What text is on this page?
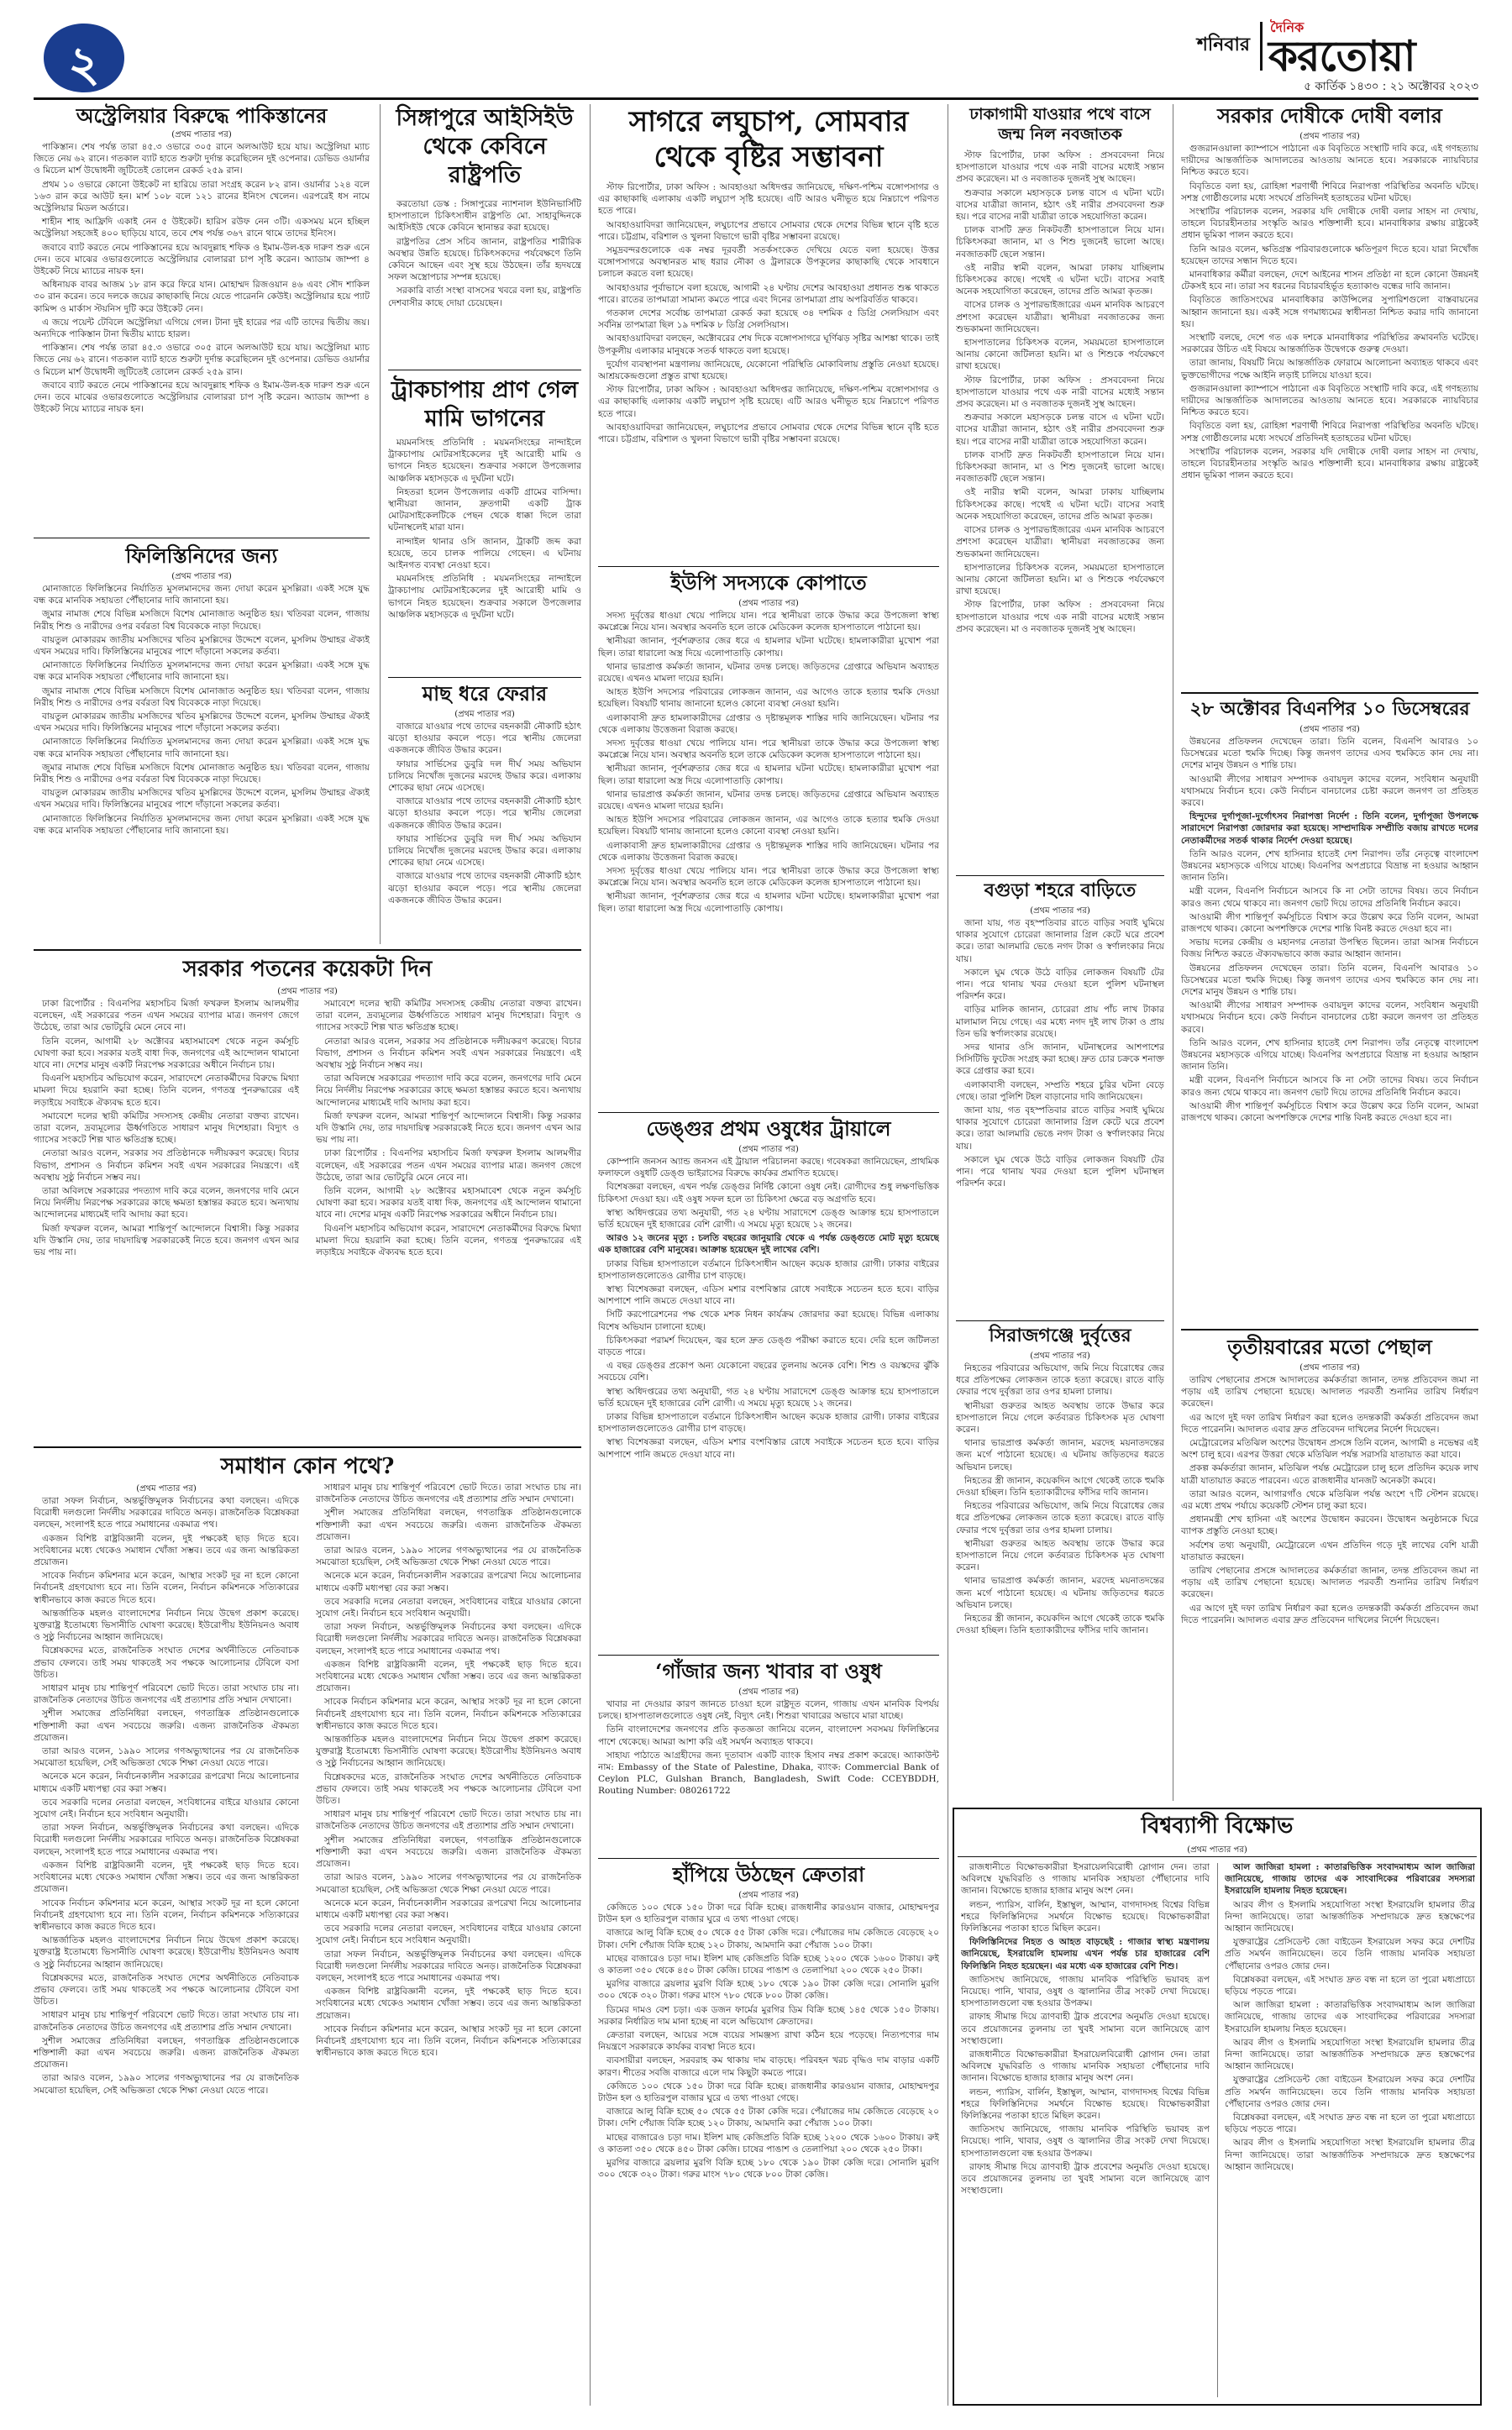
২	শনিবার
দৈনিক
করতোয়া
৫ কার্তিক ১৪৩০ : ২১ অক্টোবর ২০২৩
অস্ট্রেলিয়ার বিরুদ্ধে পাকিস্তানের
(প্রথম পাতার পর)

পাকিস্তান। শেষ পর্যন্ত তারা ৪৫.৩ ওভারে ৩০৫ রানে অলআউট হয়ে যায়। অস্ট্রেলিয়া ম্যাচ জিতে নেয় ৬২ রানে। গতকাল ব্যাট হাতে শুরুটা দুর্দান্ত করেছিলেন দুই ওপেনার। ডেভিড ওয়ার্নার ও মিচেল মার্শ উদ্বোধনী জুটিতেই তোলেন রেকর্ড ২৫৯ রান।

প্রথম ১০ ওভারে কোনো উইকেট না হারিয়ে তারা সংগ্রহ করেন ৮২ রান। ওয়ার্নার ১২৪ বলে ১৬৩ রান করে আউট হন। মার্শ ১০৮ বলে ১২১ রানের ইনিংস খেলেন। এরপরেই ধস নামে অস্ট্রেলিয়ার মিডল অর্ডারে।

শাহীন শাহ আফ্রিদি একাই নেন ৫ উইকেট। হারিস রউফ নেন ৩টি। একসময় মনে হচ্ছিল অস্ট্রেলিয়া সহজেই ৪০০ ছাড়িয়ে যাবে, তবে শেষ পর্যন্ত ৩৬৭ রানে থামে তাদের ইনিংস।

জবাবে ব্যাট করতে নেমে পাকিস্তানের হয়ে আবদুল্লাহ শফিক ও ইমাম-উল-হক দারুণ শুরু এনে দেন। তবে মাঝের ওভারগুলোতে অস্ট্রেলিয়ার বোলাররা চাপ সৃষ্টি করেন। অ্যাডাম জাম্পা ৪ উইকেট নিয়ে ম্যাচের নায়ক হন।

অধিনায়ক বাবর আজম ১৮ রান করে ফিরে যান। মোহাম্মদ রিজওয়ান ৪৬ এবং সৌদ শাকিল ৩০ রান করেন। তবে দলকে জয়ের কাছাকাছি নিয়ে যেতে পারেননি কেউই। অস্ট্রেলিয়ার হয়ে প্যাট কামিন্স ও মার্কাস স্টয়নিস দুটি করে উইকেট নেন।

এ জয়ে পয়েন্ট টেবিলে অস্ট্রেলিয়া এগিয়ে গেল। টানা দুই হারের পর এটি তাদের দ্বিতীয় জয়। অন্যদিকে পাকিস্তান টানা দ্বিতীয় ম্যাচে হারল।

পাকিস্তান। শেষ পর্যন্ত তারা ৪৫.৩ ওভারে ৩০৫ রানে অলআউট হয়ে যায়। অস্ট্রেলিয়া ম্যাচ জিতে নেয় ৬২ রানে। গতকাল ব্যাট হাতে শুরুটা দুর্দান্ত করেছিলেন দুই ওপেনার। ডেভিড ওয়ার্নার ও মিচেল মার্শ উদ্বোধনী জুটিতেই তোলেন রেকর্ড ২৫৯ রান।

জবাবে ব্যাট করতে নেমে পাকিস্তানের হয়ে আবদুল্লাহ শফিক ও ইমাম-উল-হক দারুণ শুরু এনে দেন। তবে মাঝের ওভারগুলোতে অস্ট্রেলিয়ার বোলাররা চাপ সৃষ্টি করেন। অ্যাডাম জাম্পা ৪ উইকেট নিয়ে ম্যাচের নায়ক হন।

ফিলিস্তিনিদের জন্য
(প্রথম পাতার পর)

মোনাজাতে ফিলিস্তিনের নির্যাতিত মুসলমানদের জন্য দোয়া করেন মুসল্লিরা। একই সঙ্গে যুদ্ধ বন্ধ করে মানবিক সহায়তা পৌঁছানোর দাবি জানানো হয়।

জুমার নামাজ শেষে বিভিন্ন মসজিদে বিশেষ মোনাজাত অনুষ্ঠিত হয়। খতিবরা বলেন, গাজায় নিরীহ শিশু ও নারীদের ওপর বর্বরতা বিশ্ব বিবেককে নাড়া দিয়েছে।

বায়তুল মোকাররম জাতীয় মসজিদের খতিব মুসল্লিদের উদ্দেশে বলেন, মুসলিম উম্মাহর ঐক্যই এখন সময়ের দাবি। ফিলিস্তিনের মানুষের পাশে দাঁড়ানো সকলের কর্তব্য।

মোনাজাতে ফিলিস্তিনের নির্যাতিত মুসলমানদের জন্য দোয়া করেন মুসল্লিরা। একই সঙ্গে যুদ্ধ বন্ধ করে মানবিক সহায়তা পৌঁছানোর দাবি জানানো হয়।

জুমার নামাজ শেষে বিভিন্ন মসজিদে বিশেষ মোনাজাত অনুষ্ঠিত হয়। খতিবরা বলেন, গাজায় নিরীহ শিশু ও নারীদের ওপর বর্বরতা বিশ্ব বিবেককে নাড়া দিয়েছে।

বায়তুল মোকাররম জাতীয় মসজিদের খতিব মুসল্লিদের উদ্দেশে বলেন, মুসলিম উম্মাহর ঐক্যই এখন সময়ের দাবি। ফিলিস্তিনের মানুষের পাশে দাঁড়ানো সকলের কর্তব্য।

মোনাজাতে ফিলিস্তিনের নির্যাতিত মুসলমানদের জন্য দোয়া করেন মুসল্লিরা। একই সঙ্গে যুদ্ধ বন্ধ করে মানবিক সহায়তা পৌঁছানোর দাবি জানানো হয়।

জুমার নামাজ শেষে বিভিন্ন মসজিদে বিশেষ মোনাজাত অনুষ্ঠিত হয়। খতিবরা বলেন, গাজায় নিরীহ শিশু ও নারীদের ওপর বর্বরতা বিশ্ব বিবেককে নাড়া দিয়েছে।

বায়তুল মোকাররম জাতীয় মসজিদের খতিব মুসল্লিদের উদ্দেশে বলেন, মুসলিম উম্মাহর ঐক্যই এখন সময়ের দাবি। ফিলিস্তিনের মানুষের পাশে দাঁড়ানো সকলের কর্তব্য।

মোনাজাতে ফিলিস্তিনের নির্যাতিত মুসলমানদের জন্য দোয়া করেন মুসল্লিরা। একই সঙ্গে যুদ্ধ বন্ধ করে মানবিক সহায়তা পৌঁছানোর দাবি জানানো হয়।

সিঙ্গাপুরে আইসিইউ থেকে কেবিনে রাষ্ট্রপতি

করতোয়া ডেস্ক : সিঙ্গাপুরের ন্যাশনাল ইউনিভার্সিটি হাসপাতালে চিকিৎসাধীন রাষ্ট্রপতি মো. সাহাবুদ্দিনকে আইসিইউ থেকে কেবিনে স্থানান্তর করা হয়েছে।

রাষ্ট্রপতির প্রেস সচিব জানান, রাষ্ট্রপতির শারীরিক অবস্থার উন্নতি হয়েছে। চিকিৎসকদের পর্যবেক্ষণে তিনি কেবিনে আছেন এবং সুস্থ হয়ে উঠছেন। তাঁর হৃদযন্ত্রে সফল অস্ত্রোপচার সম্পন্ন হয়েছে।

সরকারি বার্তা সংস্থা বাসসের খবরে বলা হয়, রাষ্ট্রপতি দেশবাসীর কাছে দোয়া চেয়েছেন।

ট্রাকচাপায় প্রাণ গেল মামি ভাগনের

ময়মনসিংহ প্রতিনিধি : ময়মনসিংহের নান্দাইলে ট্রাকচাপায় মোটরসাইকেলের দুই আরোহী মামি ও ভাগনে নিহত হয়েছেন। শুক্রবার সকালে উপজেলার আঞ্চলিক মহাসড়কে এ দুর্ঘটনা ঘটে।

নিহতরা হলেন উপজেলার একটি গ্রামের বাসিন্দা। স্থানীয়রা জানান, দ্রুতগামী একটি ট্রাক মোটরসাইকেলটিকে পেছন থেকে ধাক্কা দিলে তারা ঘটনাস্থলেই মারা যান।

নান্দাইল থানার ওসি জানান, ট্রাকটি জব্দ করা হয়েছে, তবে চালক পালিয়ে গেছেন। এ ঘটনায় আইনগত ব্যবস্থা নেওয়া হবে।

ময়মনসিংহ প্রতিনিধি : ময়মনসিংহের নান্দাইলে ট্রাকচাপায় মোটরসাইকেলের দুই আরোহী মামি ও ভাগনে নিহত হয়েছেন। শুক্রবার সকালে উপজেলার আঞ্চলিক মহাসড়কে এ দুর্ঘটনা ঘটে।

মাছ ধরে ফেরার
(প্রথম পাতার পর)

বাজারে যাওয়ার পথে তাদের বহনকারী নৌকাটি হঠাৎ ঝড়ো হাওয়ার কবলে পড়ে। পরে স্থানীয় জেলেরা একজনকে জীবিত উদ্ধার করেন।

ফায়ার সার্ভিসের ডুবুরি দল দীর্ঘ সময় অভিযান চালিয়ে নিখোঁজ দুজনের মরদেহ উদ্ধার করে। এলাকায় শোকের ছায়া নেমে এসেছে।

বাজারে যাওয়ার পথে তাদের বহনকারী নৌকাটি হঠাৎ ঝড়ো হাওয়ার কবলে পড়ে। পরে স্থানীয় জেলেরা একজনকে জীবিত উদ্ধার করেন।

ফায়ার সার্ভিসের ডুবুরি দল দীর্ঘ সময় অভিযান চালিয়ে নিখোঁজ দুজনের মরদেহ উদ্ধার করে। এলাকায় শোকের ছায়া নেমে এসেছে।

বাজারে যাওয়ার পথে তাদের বহনকারী নৌকাটি হঠাৎ ঝড়ো হাওয়ার কবলে পড়ে। পরে স্থানীয় জেলেরা একজনকে জীবিত উদ্ধার করেন।

সরকার পতনের কয়েকটা দিন
(প্রথম পাতার পর)

ঢাকা রিপোর্টার : বিএনপির মহাসচিব মির্জা ফখরুল ইসলাম আলমগীর বলেছেন, এই সরকারের পতন এখন সময়ের ব্যাপার মাত্র। জনগণ জেগে উঠেছে, তারা আর ভোটচুরি মেনে নেবে না।

তিনি বলেন, আগামী ২৮ অক্টোবর মহাসমাবেশ থেকে নতুন কর্মসূচি ঘোষণা করা হবে। সরকার যতই বাধা দিক, জনগণের এই আন্দোলন থামানো যাবে না। দেশের মানুষ একটি নিরপেক্ষ সরকারের অধীনে নির্বাচন চায়।

বিএনপি মহাসচিব অভিযোগ করেন, সারাদেশে নেতাকর্মীদের বিরুদ্ধে মিথ্যা মামলা দিয়ে হয়রানি করা হচ্ছে। তিনি বলেন, গণতন্ত্র পুনরুদ্ধারের এই লড়াইয়ে সবাইকে ঐক্যবদ্ধ হতে হবে।

সমাবেশে দলের স্থায়ী কমিটির সদস্যসহ কেন্দ্রীয় নেতারা বক্তব্য রাখেন। তারা বলেন, দ্রব্যমূল্যের ঊর্ধ্বগতিতে সাধারণ মানুষ দিশেহারা। বিদ্যুৎ ও গ্যাসের সংকটে শিল্প খাত ক্ষতিগ্রস্ত হচ্ছে।

নেতারা আরও বলেন, সরকার সব প্রতিষ্ঠানকে দলীয়করণ করেছে। বিচার বিভাগ, প্রশাসন ও নির্বাচন কমিশন সবই এখন সরকারের নিয়ন্ত্রণে। এই অবস্থায় সুষ্ঠু নির্বাচন সম্ভব নয়।

তারা অবিলম্বে সরকারের পদত্যাগ দাবি করে বলেন, জনগণের দাবি মেনে নিয়ে নির্দলীয় নিরপেক্ষ সরকারের কাছে ক্ষমতা হস্তান্তর করতে হবে। অন্যথায় আন্দোলনের মাধ্যমেই দাবি আদায় করা হবে।

মির্জা ফখরুল বলেন, আমরা শান্তিপূর্ণ আন্দোলনে বিশ্বাসী। কিন্তু সরকার যদি উস্কানি দেয়, তার দায়দায়িত্ব সরকারকেই নিতে হবে। জনগণ এখন আর ভয় পায় না।

সমাবেশে দলের স্থায়ী কমিটির সদস্যসহ কেন্দ্রীয় নেতারা বক্তব্য রাখেন। তারা বলেন, দ্রব্যমূল্যের ঊর্ধ্বগতিতে সাধারণ মানুষ দিশেহারা। বিদ্যুৎ ও গ্যাসের সংকটে শিল্প খাত ক্ষতিগ্রস্ত হচ্ছে।

নেতারা আরও বলেন, সরকার সব প্রতিষ্ঠানকে দলীয়করণ করেছে। বিচার বিভাগ, প্রশাসন ও নির্বাচন কমিশন সবই এখন সরকারের নিয়ন্ত্রণে। এই অবস্থায় সুষ্ঠু নির্বাচন সম্ভব নয়।

তারা অবিলম্বে সরকারের পদত্যাগ দাবি করে বলেন, জনগণের দাবি মেনে নিয়ে নির্দলীয় নিরপেক্ষ সরকারের কাছে ক্ষমতা হস্তান্তর করতে হবে। অন্যথায় আন্দোলনের মাধ্যমেই দাবি আদায় করা হবে।

মির্জা ফখরুল বলেন, আমরা শান্তিপূর্ণ আন্দোলনে বিশ্বাসী। কিন্তু সরকার যদি উস্কানি দেয়, তার দায়দায়িত্ব সরকারকেই নিতে হবে। জনগণ এখন আর ভয় পায় না।

ঢাকা রিপোর্টার : বিএনপির মহাসচিব মির্জা ফখরুল ইসলাম আলমগীর বলেছেন, এই সরকারের পতন এখন সময়ের ব্যাপার মাত্র। জনগণ জেগে উঠেছে, তারা আর ভোটচুরি মেনে নেবে না।

তিনি বলেন, আগামী ২৮ অক্টোবর মহাসমাবেশ থেকে নতুন কর্মসূচি ঘোষণা করা হবে। সরকার যতই বাধা দিক, জনগণের এই আন্দোলন থামানো যাবে না। দেশের মানুষ একটি নিরপেক্ষ সরকারের অধীনে নির্বাচন চায়।

বিএনপি মহাসচিব অভিযোগ করেন, সারাদেশে নেতাকর্মীদের বিরুদ্ধে মিথ্যা মামলা দিয়ে হয়রানি করা হচ্ছে। তিনি বলেন, গণতন্ত্র পুনরুদ্ধারের এই লড়াইয়ে সবাইকে ঐক্যবদ্ধ হতে হবে।

সমাধান কোন পথে?
(প্রথম পাতার পর)

তারা সফল নির্বাচন, অন্তর্ভুক্তিমূলক নির্বাচনের কথা বলছেন। এদিকে বিরোধী দলগুলো নির্দলীয় সরকারের দাবিতে অনড়। রাজনৈতিক বিশ্লেষকরা বলছেন, সংলাপই হতে পারে সমাধানের একমাত্র পথ।

একজন বিশিষ্ট রাষ্ট্রবিজ্ঞানী বলেন, দুই পক্ষকেই ছাড় দিতে হবে। সংবিধানের মধ্যে থেকেও সমাধান খোঁজা সম্ভব। তবে এর জন্য আন্তরিকতা প্রয়োজন।

সাবেক নির্বাচন কমিশনার মনে করেন, আস্থার সংকট দূর না হলে কোনো নির্বাচনই গ্রহণযোগ্য হবে না। তিনি বলেন, নির্বাচন কমিশনকে সত্যিকারের স্বাধীনভাবে কাজ করতে দিতে হবে।

আন্তর্জাতিক মহলও বাংলাদেশের নির্বাচন নিয়ে উদ্বেগ প্রকাশ করেছে। যুক্তরাষ্ট্র ইতোমধ্যে ভিসানীতি ঘোষণা করেছে। ইউরোপীয় ইউনিয়নও অবাধ ও সুষ্ঠু নির্বাচনের আহ্বান জানিয়েছে।

বিশ্লেষকদের মতে, রাজনৈতিক সংঘাত দেশের অর্থনীতিতে নেতিবাচক প্রভাব ফেলবে। তাই সময় থাকতেই সব পক্ষকে আলোচনার টেবিলে বসা উচিত।

সাধারণ মানুষ চায় শান্তিপূর্ণ পরিবেশে ভোট দিতে। তারা সংঘাত চায় না। রাজনৈতিক নেতাদের উচিত জনগণের এই প্রত্যাশার প্রতি সম্মান দেখানো।

সুশীল সমাজের প্রতিনিধিরা বলছেন, গণতান্ত্রিক প্রতিষ্ঠানগুলোকে শক্তিশালী করা এখন সবচেয়ে জরুরি। এজন্য রাজনৈতিক ঐকমত্য প্রয়োজন।

তারা আরও বলেন, ১৯৯০ সালের গণঅভ্যুত্থানের পর যে রাজনৈতিক সমঝোতা হয়েছিল, সেই অভিজ্ঞতা থেকে শিক্ষা নেওয়া যেতে পারে।

অনেকে মনে করেন, নির্বাচনকালীন সরকারের রূপরেখা নিয়ে আলোচনার মাধ্যমে একটি মধ্যপন্থা বের করা সম্ভব।

তবে সরকারি দলের নেতারা বলছেন, সংবিধানের বাইরে যাওয়ার কোনো সুযোগ নেই। নির্বাচন হবে সংবিধান অনুযায়ী।

তারা সফল নির্বাচন, অন্তর্ভুক্তিমূলক নির্বাচনের কথা বলছেন। এদিকে বিরোধী দলগুলো নির্দলীয় সরকারের দাবিতে অনড়। রাজনৈতিক বিশ্লেষকরা বলছেন, সংলাপই হতে পারে সমাধানের একমাত্র পথ।

একজন বিশিষ্ট রাষ্ট্রবিজ্ঞানী বলেন, দুই পক্ষকেই ছাড় দিতে হবে। সংবিধানের মধ্যে থেকেও সমাধান খোঁজা সম্ভব। তবে এর জন্য আন্তরিকতা প্রয়োজন।

সাবেক নির্বাচন কমিশনার মনে করেন, আস্থার সংকট দূর না হলে কোনো নির্বাচনই গ্রহণযোগ্য হবে না। তিনি বলেন, নির্বাচন কমিশনকে সত্যিকারের স্বাধীনভাবে কাজ করতে দিতে হবে।

আন্তর্জাতিক মহলও বাংলাদেশের নির্বাচন নিয়ে উদ্বেগ প্রকাশ করেছে। যুক্তরাষ্ট্র ইতোমধ্যে ভিসানীতি ঘোষণা করেছে। ইউরোপীয় ইউনিয়নও অবাধ ও সুষ্ঠু নির্বাচনের আহ্বান জানিয়েছে।

বিশ্লেষকদের মতে, রাজনৈতিক সংঘাত দেশের অর্থনীতিতে নেতিবাচক প্রভাব ফেলবে। তাই সময় থাকতেই সব পক্ষকে আলোচনার টেবিলে বসা উচিত।

সাধারণ মানুষ চায় শান্তিপূর্ণ পরিবেশে ভোট দিতে। তারা সংঘাত চায় না। রাজনৈতিক নেতাদের উচিত জনগণের এই প্রত্যাশার প্রতি সম্মান দেখানো।

সুশীল সমাজের প্রতিনিধিরা বলছেন, গণতান্ত্রিক প্রতিষ্ঠানগুলোকে শক্তিশালী করা এখন সবচেয়ে জরুরি। এজন্য রাজনৈতিক ঐকমত্য প্রয়োজন।

তারা আরও বলেন, ১৯৯০ সালের গণঅভ্যুত্থানের পর যে রাজনৈতিক সমঝোতা হয়েছিল, সেই অভিজ্ঞতা থেকে শিক্ষা নেওয়া যেতে পারে।

সাধারণ মানুষ চায় শান্তিপূর্ণ পরিবেশে ভোট দিতে। তারা সংঘাত চায় না। রাজনৈতিক নেতাদের উচিত জনগণের এই প্রত্যাশার প্রতি সম্মান দেখানো।

সুশীল সমাজের প্রতিনিধিরা বলছেন, গণতান্ত্রিক প্রতিষ্ঠানগুলোকে শক্তিশালী করা এখন সবচেয়ে জরুরি। এজন্য রাজনৈতিক ঐকমত্য প্রয়োজন।

তারা আরও বলেন, ১৯৯০ সালের গণঅভ্যুত্থানের পর যে রাজনৈতিক সমঝোতা হয়েছিল, সেই অভিজ্ঞতা থেকে শিক্ষা নেওয়া যেতে পারে।

অনেকে মনে করেন, নির্বাচনকালীন সরকারের রূপরেখা নিয়ে আলোচনার মাধ্যমে একটি মধ্যপন্থা বের করা সম্ভব।

তবে সরকারি দলের নেতারা বলছেন, সংবিধানের বাইরে যাওয়ার কোনো সুযোগ নেই। নির্বাচন হবে সংবিধান অনুযায়ী।

তারা সফল নির্বাচন, অন্তর্ভুক্তিমূলক নির্বাচনের কথা বলছেন। এদিকে বিরোধী দলগুলো নির্দলীয় সরকারের দাবিতে অনড়। রাজনৈতিক বিশ্লেষকরা বলছেন, সংলাপই হতে পারে সমাধানের একমাত্র পথ।

একজন বিশিষ্ট রাষ্ট্রবিজ্ঞানী বলেন, দুই পক্ষকেই ছাড় দিতে হবে। সংবিধানের মধ্যে থেকেও সমাধান খোঁজা সম্ভব। তবে এর জন্য আন্তরিকতা প্রয়োজন।

সাবেক নির্বাচন কমিশনার মনে করেন, আস্থার সংকট দূর না হলে কোনো নির্বাচনই গ্রহণযোগ্য হবে না। তিনি বলেন, নির্বাচন কমিশনকে সত্যিকারের স্বাধীনভাবে কাজ করতে দিতে হবে।

আন্তর্জাতিক মহলও বাংলাদেশের নির্বাচন নিয়ে উদ্বেগ প্রকাশ করেছে। যুক্তরাষ্ট্র ইতোমধ্যে ভিসানীতি ঘোষণা করেছে। ইউরোপীয় ইউনিয়নও অবাধ ও সুষ্ঠু নির্বাচনের আহ্বান জানিয়েছে।

বিশ্লেষকদের মতে, রাজনৈতিক সংঘাত দেশের অর্থনীতিতে নেতিবাচক প্রভাব ফেলবে। তাই সময় থাকতেই সব পক্ষকে আলোচনার টেবিলে বসা উচিত।

সাধারণ মানুষ চায় শান্তিপূর্ণ পরিবেশে ভোট দিতে। তারা সংঘাত চায় না। রাজনৈতিক নেতাদের উচিত জনগণের এই প্রত্যাশার প্রতি সম্মান দেখানো।

সুশীল সমাজের প্রতিনিধিরা বলছেন, গণতান্ত্রিক প্রতিষ্ঠানগুলোকে শক্তিশালী করা এখন সবচেয়ে জরুরি। এজন্য রাজনৈতিক ঐকমত্য প্রয়োজন।

তারা আরও বলেন, ১৯৯০ সালের গণঅভ্যুত্থানের পর যে রাজনৈতিক সমঝোতা হয়েছিল, সেই অভিজ্ঞতা থেকে শিক্ষা নেওয়া যেতে পারে।

অনেকে মনে করেন, নির্বাচনকালীন সরকারের রূপরেখা নিয়ে আলোচনার মাধ্যমে একটি মধ্যপন্থা বের করা সম্ভব।

তবে সরকারি দলের নেতারা বলছেন, সংবিধানের বাইরে যাওয়ার কোনো সুযোগ নেই। নির্বাচন হবে সংবিধান অনুযায়ী।

তারা সফল নির্বাচন, অন্তর্ভুক্তিমূলক নির্বাচনের কথা বলছেন। এদিকে বিরোধী দলগুলো নির্দলীয় সরকারের দাবিতে অনড়। রাজনৈতিক বিশ্লেষকরা বলছেন, সংলাপই হতে পারে সমাধানের একমাত্র পথ।

একজন বিশিষ্ট রাষ্ট্রবিজ্ঞানী বলেন, দুই পক্ষকেই ছাড় দিতে হবে। সংবিধানের মধ্যে থেকেও সমাধান খোঁজা সম্ভব। তবে এর জন্য আন্তরিকতা প্রয়োজন।

সাবেক নির্বাচন কমিশনার মনে করেন, আস্থার সংকট দূর না হলে কোনো নির্বাচনই গ্রহণযোগ্য হবে না। তিনি বলেন, নির্বাচন কমিশনকে সত্যিকারের স্বাধীনভাবে কাজ করতে দিতে হবে।

সাগরে লঘুচাপ, সোমবার থেকে বৃষ্টির সম্ভাবনা

স্টাফ রিপোর্টার, ঢাকা অফিস : আবহাওয়া অধিদপ্তর জানিয়েছে, দক্ষিণ-পশ্চিম বঙ্গোপসাগর ও এর কাছাকাছি এলাকায় একটি লঘুচাপ সৃষ্টি হয়েছে। এটি আরও ঘনীভূত হয়ে নিম্নচাপে পরিণত হতে পারে।

আবহাওয়াবিদরা জানিয়েছেন, লঘুচাপের প্রভাবে সোমবার থেকে দেশের বিভিন্ন স্থানে বৃষ্টি হতে পারে। চট্টগ্রাম, বরিশাল ও খুলনা বিভাগে ভারী বৃষ্টির সম্ভাবনা রয়েছে।

সমুদ্রবন্দরগুলোকে এক নম্বর দূরবর্তী সতর্কসংকেত দেখিয়ে যেতে বলা হয়েছে। উত্তর বঙ্গোপসাগরে অবস্থানরত মাছ ধরার নৌকা ও ট্রলারকে উপকূলের কাছাকাছি থেকে সাবধানে চলাচল করতে বলা হয়েছে।

আবহাওয়ার পূর্বাভাসে বলা হয়েছে, আগামী ২৪ ঘণ্টায় দেশের আবহাওয়া প্রধানত শুষ্ক থাকতে পারে। রাতের তাপমাত্রা সামান্য কমতে পারে এবং দিনের তাপমাত্রা প্রায় অপরিবর্তিত থাকবে।

গতকাল দেশের সর্বোচ্চ তাপমাত্রা রেকর্ড করা হয়েছে ৩৪ দশমিক ৫ ডিগ্রি সেলসিয়াস এবং সর্বনিম্ন তাপমাত্রা ছিল ১৯ দশমিক ৮ ডিগ্রি সেলসিয়াস।

আবহাওয়াবিদরা বলছেন, অক্টোবরের শেষ দিকে বঙ্গোপসাগরে ঘূর্ণিঝড় সৃষ্টির আশঙ্কা থাকে। তাই উপকূলীয় এলাকার মানুষকে সতর্ক থাকতে বলা হয়েছে।

দুর্যোগ ব্যবস্থাপনা মন্ত্রণালয় জানিয়েছে, যেকোনো পরিস্থিতি মোকাবিলায় প্রস্তুতি নেওয়া হয়েছে। আশ্রয়কেন্দ্রগুলো প্রস্তুত রাখা হয়েছে।

স্টাফ রিপোর্টার, ঢাকা অফিস : আবহাওয়া অধিদপ্তর জানিয়েছে, দক্ষিণ-পশ্চিম বঙ্গোপসাগর ও এর কাছাকাছি এলাকায় একটি লঘুচাপ সৃষ্টি হয়েছে। এটি আরও ঘনীভূত হয়ে নিম্নচাপে পরিণত হতে পারে।

আবহাওয়াবিদরা জানিয়েছেন, লঘুচাপের প্রভাবে সোমবার থেকে দেশের বিভিন্ন স্থানে বৃষ্টি হতে পারে। চট্টগ্রাম, বরিশাল ও খুলনা বিভাগে ভারী বৃষ্টির সম্ভাবনা রয়েছে।

ইউপি সদস্যকে কোপাতে
(প্রথম পাতার পর)

সদস্য দুর্বৃত্তের ধাওয়া খেয়ে পালিয়ে যান। পরে স্থানীয়রা তাকে উদ্ধার করে উপজেলা স্বাস্থ্য কমপ্লেক্সে নিয়ে যান। অবস্থার অবনতি হলে তাকে মেডিকেল কলেজ হাসপাতালে পাঠানো হয়।

স্থানীয়রা জানান, পূর্বশত্রুতার জের ধরে এ হামলার ঘটনা ঘটেছে। হামলাকারীরা মুখোশ পরা ছিল। তারা ধারালো অস্ত্র দিয়ে এলোপাতাড়ি কোপায়।

থানার ভারপ্রাপ্ত কর্মকর্তা জানান, ঘটনার তদন্ত চলছে। জড়িতদের গ্রেপ্তারে অভিযান অব্যাহত রয়েছে। এখনও মামলা দায়ের হয়নি।

আহত ইউপি সদস্যের পরিবারের লোকজন জানান, এর আগেও তাকে হত্যার হুমকি দেওয়া হয়েছিল। বিষয়টি থানায় জানানো হলেও কোনো ব্যবস্থা নেওয়া হয়নি।

এলাকাবাসী দ্রুত হামলাকারীদের গ্রেপ্তার ও দৃষ্টান্তমূলক শাস্তির দাবি জানিয়েছেন। ঘটনার পর থেকে এলাকায় উত্তেজনা বিরাজ করছে।

সদস্য দুর্বৃত্তের ধাওয়া খেয়ে পালিয়ে যান। পরে স্থানীয়রা তাকে উদ্ধার করে উপজেলা স্বাস্থ্য কমপ্লেক্সে নিয়ে যান। অবস্থার অবনতি হলে তাকে মেডিকেল কলেজ হাসপাতালে পাঠানো হয়।

স্থানীয়রা জানান, পূর্বশত্রুতার জের ধরে এ হামলার ঘটনা ঘটেছে। হামলাকারীরা মুখোশ পরা ছিল। তারা ধারালো অস্ত্র দিয়ে এলোপাতাড়ি কোপায়।

থানার ভারপ্রাপ্ত কর্মকর্তা জানান, ঘটনার তদন্ত চলছে। জড়িতদের গ্রেপ্তারে অভিযান অব্যাহত রয়েছে। এখনও মামলা দায়ের হয়নি।

আহত ইউপি সদস্যের পরিবারের লোকজন জানান, এর আগেও তাকে হত্যার হুমকি দেওয়া হয়েছিল। বিষয়টি থানায় জানানো হলেও কোনো ব্যবস্থা নেওয়া হয়নি।

এলাকাবাসী দ্রুত হামলাকারীদের গ্রেপ্তার ও দৃষ্টান্তমূলক শাস্তির দাবি জানিয়েছেন। ঘটনার পর থেকে এলাকায় উত্তেজনা বিরাজ করছে।

সদস্য দুর্বৃত্তের ধাওয়া খেয়ে পালিয়ে যান। পরে স্থানীয়রা তাকে উদ্ধার করে উপজেলা স্বাস্থ্য কমপ্লেক্সে নিয়ে যান। অবস্থার অবনতি হলে তাকে মেডিকেল কলেজ হাসপাতালে পাঠানো হয়।

স্থানীয়রা জানান, পূর্বশত্রুতার জের ধরে এ হামলার ঘটনা ঘটেছে। হামলাকারীরা মুখোশ পরা ছিল। তারা ধারালো অস্ত্র দিয়ে এলোপাতাড়ি কোপায়।

ডেঙ্গুর প্রথম ওষুধের ট্রায়ালে
(প্রথম পাতার পর)

কোম্পানি জনসন অ্যান্ড জনসন এই ট্রায়াল পরিচালনা করছে। গবেষকরা জানিয়েছেন, প্রাথমিক ফলাফলে ওষুধটি ডেঙ্গু ভাইরাসের বিরুদ্ধে কার্যকর প্রমাণিত হয়েছে।

বিশেষজ্ঞরা বলছেন, এখন পর্যন্ত ডেঙ্গুর নির্দিষ্ট কোনো ওষুধ নেই। রোগীদের শুধু লক্ষণভিত্তিক চিকিৎসা দেওয়া হয়। এই ওষুধ সফল হলে তা চিকিৎসা ক্ষেত্রে বড় অগ্রগতি হবে।

স্বাস্থ্য অধিদপ্তরের তথ্য অনুযায়ী, গত ২৪ ঘণ্টায় সারাদেশে ডেঙ্গু আক্রান্ত হয়ে হাসপাতালে ভর্তি হয়েছেন দুই হাজারের বেশি রোগী। এ সময়ে মৃত্যু হয়েছে ১২ জনের।

আরও ১২ জনের মৃত্যু : চলতি বছরের জানুয়ারি থেকে এ পর্যন্ত ডেঙ্গুতে মোট মৃত্যু হয়েছে এক হাজারের বেশি মানুষের। আক্রান্ত হয়েছেন দুই লাখের বেশি।

ঢাকার বিভিন্ন হাসপাতালে বর্তমানে চিকিৎসাধীন আছেন কয়েক হাজার রোগী। ঢাকার বাইরের হাসপাতালগুলোতেও রোগীর চাপ বাড়ছে।

স্বাস্থ্য বিশেষজ্ঞরা বলছেন, এডিস মশার বংশবিস্তার রোধে সবাইকে সচেতন হতে হবে। বাড়ির আশপাশে পানি জমতে দেওয়া যাবে না।

সিটি করপোরেশনের পক্ষ থেকে মশক নিধন কার্যক্রম জোরদার করা হয়েছে। বিভিন্ন এলাকায় বিশেষ অভিযান চালানো হচ্ছে।

চিকিৎসকরা পরামর্শ দিয়েছেন, জ্বর হলে দ্রুত ডেঙ্গু পরীক্ষা করাতে হবে। দেরি হলে জটিলতা বাড়তে পারে।

এ বছর ডেঙ্গুর প্রকোপ অন্য যেকোনো বছরের তুলনায় অনেক বেশি। শিশু ও বয়স্কদের ঝুঁকি সবচেয়ে বেশি।

স্বাস্থ্য অধিদপ্তরের তথ্য অনুযায়ী, গত ২৪ ঘণ্টায় সারাদেশে ডেঙ্গু আক্রান্ত হয়ে হাসপাতালে ভর্তি হয়েছেন দুই হাজারের বেশি রোগী। এ সময়ে মৃত্যু হয়েছে ১২ জনের।

ঢাকার বিভিন্ন হাসপাতালে বর্তমানে চিকিৎসাধীন আছেন কয়েক হাজার রোগী। ঢাকার বাইরের হাসপাতালগুলোতেও রোগীর চাপ বাড়ছে।

স্বাস্থ্য বিশেষজ্ঞরা বলছেন, এডিস মশার বংশবিস্তার রোধে সবাইকে সচেতন হতে হবে। বাড়ির আশপাশে পানি জমতে দেওয়া যাবে না।

‘গাঁজার জন্য খাবার বা ওষুধ
(প্রথম পাতার পর)

খাবার না দেওয়ার কারণ জানতে চাওয়া হলে রাষ্ট্রদূত বলেন, গাজায় এখন মানবিক বিপর্যয় চলছে। হাসপাতালগুলোতে ওষুধ নেই, বিদ্যুৎ নেই। শিশুরা খাবারের অভাবে মারা যাচ্ছে।

তিনি বাংলাদেশের জনগণের প্রতি কৃতজ্ঞতা জানিয়ে বলেন, বাংলাদেশ সবসময় ফিলিস্তিনের পাশে থেকেছে। আমরা আশা করি এই সমর্থন অব্যাহত থাকবে।

সাহায্য পাঠাতে আগ্রহীদের জন্য দূতাবাস একটি ব্যাংক হিসাব নম্বর প্রকাশ করেছে। অ্যাকাউন্ট নাম: Embassy of the State of Palestine, Dhaka, ব্যাংক: Commercial Bank of Ceylon PLC, Gulshan Branch, Bangladesh, Swift Code: CCEYBDDH, Routing Number: 080261722

হাঁপিয়ে উঠছেন ক্রেতারা
(প্রথম পাতার পর)

কেজিতে ১০০ থেকে ১৫০ টাকা দরে বিক্রি হচ্ছে। রাজধানীর কারওয়ান বাজার, মোহাম্মদপুর টাউন হল ও হাতিরপুল বাজার ঘুরে এ তথ্য পাওয়া গেছে।

বাজারে আলু বিক্রি হচ্ছে ৫০ থেকে ৫৫ টাকা কেজি দরে। পেঁয়াজের দাম কেজিতে বেড়েছে ২০ টাকা। দেশি পেঁয়াজ বিক্রি হচ্ছে ১২০ টাকায়, আমদানি করা পেঁয়াজ ১০০ টাকা।

মাছের বাজারেও চড়া দাম। ইলিশ মাছ কেজিপ্রতি বিক্রি হচ্ছে ১২০০ থেকে ১৬০০ টাকায়। রুই ও কাতলা ৩৫০ থেকে ৪৫০ টাকা কেজি। চাষের পাঙাশ ও তেলাপিয়া ২০০ থেকে ২৫০ টাকা।

মুরগির বাজারে ব্রয়লার মুরগি বিক্রি হচ্ছে ১৮০ থেকে ১৯০ টাকা কেজি দরে। সোনালি মুরগি ৩০০ থেকে ৩২০ টাকা। গরুর মাংস ৭৮০ থেকে ৮০০ টাকা কেজি।

ডিমের দামও বেশ চড়া। এক ডজন ফার্মের মুরগির ডিম বিক্রি হচ্ছে ১৪৫ থেকে ১৫০ টাকায়। সরকার নির্ধারিত দাম মানা হচ্ছে না বলে অভিযোগ ক্রেতাদের।

ক্রেতারা বলছেন, আয়ের সঙ্গে ব্যয়ের সামঞ্জস্য রাখা কঠিন হয়ে পড়েছে। নিত্যপণ্যের দাম নিয়ন্ত্রণে সরকারকে কার্যকর ব্যবস্থা নিতে হবে।

ব্যবসায়ীরা বলছেন, সরবরাহ কম থাকায় দাম বাড়ছে। পরিবহন খরচ বৃদ্ধিও দাম বাড়ার একটি কারণ। শীতের সবজি বাজারে এলে দাম কিছুটা কমতে পারে।

কেজিতে ১০০ থেকে ১৫০ টাকা দরে বিক্রি হচ্ছে। রাজধানীর কারওয়ান বাজার, মোহাম্মদপুর টাউন হল ও হাতিরপুল বাজার ঘুরে এ তথ্য পাওয়া গেছে।

বাজারে আলু বিক্রি হচ্ছে ৫০ থেকে ৫৫ টাকা কেজি দরে। পেঁয়াজের দাম কেজিতে বেড়েছে ২০ টাকা। দেশি পেঁয়াজ বিক্রি হচ্ছে ১২০ টাকায়, আমদানি করা পেঁয়াজ ১০০ টাকা।

মাছের বাজারেও চড়া দাম। ইলিশ মাছ কেজিপ্রতি বিক্রি হচ্ছে ১২০০ থেকে ১৬০০ টাকায়। রুই ও কাতলা ৩৫০ থেকে ৪৫০ টাকা কেজি। চাষের পাঙাশ ও তেলাপিয়া ২০০ থেকে ২৫০ টাকা।

মুরগির বাজারে ব্রয়লার মুরগি বিক্রি হচ্ছে ১৮০ থেকে ১৯০ টাকা কেজি দরে। সোনালি মুরগি ৩০০ থেকে ৩২০ টাকা। গরুর মাংস ৭৮০ থেকে ৮০০ টাকা কেজি।

ঢাকাগামী যাওয়ার পথে বাসে জন্ম নিল নবজাতক

স্টাফ রিপোর্টার, ঢাকা অফিস : প্রসববেদনা নিয়ে হাসপাতালে যাওয়ার পথে এক নারী বাসের মধ্যেই সন্তান প্রসব করেছেন। মা ও নবজাতক দুজনই সুস্থ আছেন।

শুক্রবার সকালে মহাসড়কে চলন্ত বাসে এ ঘটনা ঘটে। বাসের যাত্রীরা জানান, হঠাৎ ওই নারীর প্রসববেদনা শুরু হয়। পরে বাসের নারী যাত্রীরা তাকে সহযোগিতা করেন।

চালক বাসটি দ্রুত নিকটবর্তী হাসপাতালে নিয়ে যান। চিকিৎসকরা জানান, মা ও শিশু দুজনেই ভালো আছে। নবজাতকটি ছেলে সন্তান।

ওই নারীর স্বামী বলেন, আমরা ঢাকায় যাচ্ছিলাম চিকিৎসকের কাছে। পথেই এ ঘটনা ঘটে। বাসের সবাই অনেক সহযোগিতা করেছেন, তাদের প্রতি আমরা কৃতজ্ঞ।

বাসের চালক ও সুপারভাইজারের এমন মানবিক আচরণে প্রশংসা করেছেন যাত্রীরা। স্থানীয়রা নবজাতকের জন্য শুভকামনা জানিয়েছেন।

হাসপাতালের চিকিৎসক বলেন, সময়মতো হাসপাতালে আনায় কোনো জটিলতা হয়নি। মা ও শিশুকে পর্যবেক্ষণে রাখা হয়েছে।

স্টাফ রিপোর্টার, ঢাকা অফিস : প্রসববেদনা নিয়ে হাসপাতালে যাওয়ার পথে এক নারী বাসের মধ্যেই সন্তান প্রসব করেছেন। মা ও নবজাতক দুজনই সুস্থ আছেন।

শুক্রবার সকালে মহাসড়কে চলন্ত বাসে এ ঘটনা ঘটে। বাসের যাত্রীরা জানান, হঠাৎ ওই নারীর প্রসববেদনা শুরু হয়। পরে বাসের নারী যাত্রীরা তাকে সহযোগিতা করেন।

চালক বাসটি দ্রুত নিকটবর্তী হাসপাতালে নিয়ে যান। চিকিৎসকরা জানান, মা ও শিশু দুজনেই ভালো আছে। নবজাতকটি ছেলে সন্তান।

ওই নারীর স্বামী বলেন, আমরা ঢাকায় যাচ্ছিলাম চিকিৎসকের কাছে। পথেই এ ঘটনা ঘটে। বাসের সবাই অনেক সহযোগিতা করেছেন, তাদের প্রতি আমরা কৃতজ্ঞ।

বাসের চালক ও সুপারভাইজারের এমন মানবিক আচরণে প্রশংসা করেছেন যাত্রীরা। স্থানীয়রা নবজাতকের জন্য শুভকামনা জানিয়েছেন।

হাসপাতালের চিকিৎসক বলেন, সময়মতো হাসপাতালে আনায় কোনো জটিলতা হয়নি। মা ও শিশুকে পর্যবেক্ষণে রাখা হয়েছে।

স্টাফ রিপোর্টার, ঢাকা অফিস : প্রসববেদনা নিয়ে হাসপাতালে যাওয়ার পথে এক নারী বাসের মধ্যেই সন্তান প্রসব করেছেন। মা ও নবজাতক দুজনই সুস্থ আছেন।

বগুড়া শহরে বাড়িতে
(প্রথম পাতার পর)

জানা যায়, গত বৃহস্পতিবার রাতে বাড়ির সবাই ঘুমিয়ে থাকার সুযোগে চোরেরা জানালার গ্রিল কেটে ঘরে প্রবেশ করে। তারা আলমারি ভেঙে নগদ টাকা ও স্বর্ণালংকার নিয়ে যায়।

সকালে ঘুম থেকে উঠে বাড়ির লোকজন বিষয়টি টের পান। পরে থানায় খবর দেওয়া হলে পুলিশ ঘটনাস্থল পরিদর্শন করে।

বাড়ির মালিক জানান, চোরেরা প্রায় পাঁচ লাখ টাকার মালামাল নিয়ে গেছে। এর মধ্যে নগদ দুই লাখ টাকা ও প্রায় তিন ভরি স্বর্ণালংকার রয়েছে।

সদর থানার ওসি জানান, ঘটনাস্থলের আশপাশের সিসিটিভি ফুটেজ সংগ্রহ করা হচ্ছে। দ্রুত চোর চক্রকে শনাক্ত করে গ্রেপ্তার করা হবে।

এলাকাবাসী বলছেন, সম্প্রতি শহরে চুরির ঘটনা বেড়ে গেছে। তারা পুলিশি টহল বাড়ানোর দাবি জানিয়েছেন।

জানা যায়, গত বৃহস্পতিবার রাতে বাড়ির সবাই ঘুমিয়ে থাকার সুযোগে চোরেরা জানালার গ্রিল কেটে ঘরে প্রবেশ করে। তারা আলমারি ভেঙে নগদ টাকা ও স্বর্ণালংকার নিয়ে যায়।

সকালে ঘুম থেকে উঠে বাড়ির লোকজন বিষয়টি টের পান। পরে থানায় খবর দেওয়া হলে পুলিশ ঘটনাস্থল পরিদর্শন করে।

সিরাজগঞ্জে দুর্বৃত্তের
(প্রথম পাতার পর)

নিহতের পরিবারের অভিযোগ, জমি নিয়ে বিরোধের জের ধরে প্রতিপক্ষের লোকজন তাকে হত্যা করেছে। রাতে বাড়ি ফেরার পথে দুর্বৃত্তরা তার ওপর হামলা চালায়।

স্থানীয়রা গুরুতর আহত অবস্থায় তাকে উদ্ধার করে হাসপাতালে নিয়ে গেলে কর্তব্যরত চিকিৎসক মৃত ঘোষণা করেন।

থানার ভারপ্রাপ্ত কর্মকর্তা জানান, মরদেহ ময়নাতদন্তের জন্য মর্গে পাঠানো হয়েছে। এ ঘটনায় জড়িতদের ধরতে অভিযান চলছে।

নিহতের স্ত্রী জানান, কয়েকদিন আগে থেকেই তাকে হুমকি দেওয়া হচ্ছিল। তিনি হত্যাকারীদের ফাঁসির দাবি জানান।

নিহতের পরিবারের অভিযোগ, জমি নিয়ে বিরোধের জের ধরে প্রতিপক্ষের লোকজন তাকে হত্যা করেছে। রাতে বাড়ি ফেরার পথে দুর্বৃত্তরা তার ওপর হামলা চালায়।

স্থানীয়রা গুরুতর আহত অবস্থায় তাকে উদ্ধার করে হাসপাতালে নিয়ে গেলে কর্তব্যরত চিকিৎসক মৃত ঘোষণা করেন।

থানার ভারপ্রাপ্ত কর্মকর্তা জানান, মরদেহ ময়নাতদন্তের জন্য মর্গে পাঠানো হয়েছে। এ ঘটনায় জড়িতদের ধরতে অভিযান চলছে।

নিহতের স্ত্রী জানান, কয়েকদিন আগে থেকেই তাকে হুমকি দেওয়া হচ্ছিল। তিনি হত্যাকারীদের ফাঁসির দাবি জানান।

সরকার দোষীকে দোষী বলার
(প্রথম পাতার পর)

গুজরানওয়ালা ক্যাম্পাসে পাঠানো এক বিবৃতিতে সংস্থাটি দাবি করে, এই গণহত্যায় দায়ীদের আন্তর্জাতিক আদালতের আওতায় আনতে হবে। সরকারকে ন্যায়বিচার নিশ্চিত করতে হবে।

বিবৃতিতে বলা হয়, রোহিঙ্গা শরণার্থী শিবিরে নিরাপত্তা পরিস্থিতির অবনতি ঘটছে। সশস্ত্র গোষ্ঠীগুলোর মধ্যে সংঘর্ষে প্রতিদিনই হতাহতের ঘটনা ঘটছে।

সংস্থাটির পরিচালক বলেন, সরকার যদি দোষীকে দোষী বলার সাহস না দেখায়, তাহলে বিচারহীনতার সংস্কৃতি আরও শক্তিশালী হবে। মানবাধিকার রক্ষায় রাষ্ট্রকেই প্রধান ভূমিকা পালন করতে হবে।

তিনি আরও বলেন, ক্ষতিগ্রস্ত পরিবারগুলোকে ক্ষতিপূরণ দিতে হবে। যারা নিখোঁজ হয়েছেন তাদের সন্ধান দিতে হবে।

মানবাধিকার কর্মীরা বলছেন, দেশে আইনের শাসন প্রতিষ্ঠা না হলে কোনো উন্নয়নই টেকসই হবে না। তারা সব ধরনের বিচারবহির্ভূত হত্যাকাণ্ড বন্ধের দাবি জানান।

বিবৃতিতে জাতিসংঘের মানবাধিকার কাউন্সিলের সুপারিশগুলো বাস্তবায়নের আহ্বান জানানো হয়। একই সঙ্গে গণমাধ্যমের স্বাধীনতা নিশ্চিত করার দাবি জানানো হয়।

সংস্থাটি বলছে, দেশে গত এক দশকে মানবাধিকার পরিস্থিতির ক্রমাবনতি ঘটেছে। সরকারের উচিত এই বিষয়ে আন্তর্জাতিক উদ্বেগকে গুরুত্ব দেওয়া।

তারা জানায়, বিষয়টি নিয়ে আন্তর্জাতিক ফোরামে আলোচনা অব্যাহত থাকবে এবং ভুক্তভোগীদের পক্ষে আইনি লড়াই চালিয়ে যাওয়া হবে।

গুজরানওয়ালা ক্যাম্পাসে পাঠানো এক বিবৃতিতে সংস্থাটি দাবি করে, এই গণহত্যায় দায়ীদের আন্তর্জাতিক আদালতের আওতায় আনতে হবে। সরকারকে ন্যায়বিচার নিশ্চিত করতে হবে।

বিবৃতিতে বলা হয়, রোহিঙ্গা শরণার্থী শিবিরে নিরাপত্তা পরিস্থিতির অবনতি ঘটছে। সশস্ত্র গোষ্ঠীগুলোর মধ্যে সংঘর্ষে প্রতিদিনই হতাহতের ঘটনা ঘটছে।

সংস্থাটির পরিচালক বলেন, সরকার যদি দোষীকে দোষী বলার সাহস না দেখায়, তাহলে বিচারহীনতার সংস্কৃতি আরও শক্তিশালী হবে। মানবাধিকার রক্ষায় রাষ্ট্রকেই প্রধান ভূমিকা পালন করতে হবে।

২৮ অক্টোবর বিএনপির ১০ ডিসেম্বরের
(প্রথম পাতার পর)

উন্নয়নের প্রতিফলন দেখেছেন তারা। তিনি বলেন, বিএনপি আবারও ১০ ডিসেম্বরের মতো হুমকি দিচ্ছে। কিন্তু জনগণ তাদের এসব হুমকিতে কান দেয় না। দেশের মানুষ উন্নয়ন ও শান্তি চায়।

আওয়ামী লীগের সাধারণ সম্পাদক ওবায়দুল কাদের বলেন, সংবিধান অনুযায়ী যথাসময়ে নির্বাচন হবে। কেউ নির্বাচন বানচালের চেষ্টা করলে জনগণ তা প্রতিহত করবে।

হিন্দুদের দুর্গাপূজা-দুর্গোৎসব নিরাপত্তা নির্দেশ : তিনি বলেন, দুর্গাপূজা উপলক্ষে সারাদেশে নিরাপত্তা জোরদার করা হয়েছে। সাম্প্রদায়িক সম্প্রীতি বজায় রাখতে দলের নেতাকর্মীদের সতর্ক থাকার নির্দেশ দেওয়া হয়েছে।

তিনি আরও বলেন, শেখ হাসিনার হাতেই দেশ নিরাপদ। তাঁর নেতৃত্বে বাংলাদেশ উন্নয়নের মহাসড়কে এগিয়ে যাচ্ছে। বিএনপির অপপ্রচারে বিভ্রান্ত না হওয়ার আহ্বান জানান তিনি।

মন্ত্রী বলেন, বিএনপি নির্বাচনে আসবে কি না সেটা তাদের বিষয়। তবে নির্বাচন কারও জন্য থেমে থাকবে না। জনগণ ভোট দিয়ে তাদের প্রতিনিধি নির্বাচন করবে।

আওয়ামী লীগ শান্তিপূর্ণ কর্মসূচিতে বিশ্বাস করে উল্লেখ করে তিনি বলেন, আমরা রাজপথে থাকব। কোনো অপশক্তিকে দেশের শান্তি বিনষ্ট করতে দেওয়া হবে না।

সভায় দলের কেন্দ্রীয় ও মহানগর নেতারা উপস্থিত ছিলেন। তারা আসন্ন নির্বাচনে বিজয় নিশ্চিত করতে ঐক্যবদ্ধভাবে কাজ করার আহ্বান জানান।

উন্নয়নের প্রতিফলন দেখেছেন তারা। তিনি বলেন, বিএনপি আবারও ১০ ডিসেম্বরের মতো হুমকি দিচ্ছে। কিন্তু জনগণ তাদের এসব হুমকিতে কান দেয় না। দেশের মানুষ উন্নয়ন ও শান্তি চায়।

আওয়ামী লীগের সাধারণ সম্পাদক ওবায়দুল কাদের বলেন, সংবিধান অনুযায়ী যথাসময়ে নির্বাচন হবে। কেউ নির্বাচন বানচালের চেষ্টা করলে জনগণ তা প্রতিহত করবে।

তিনি আরও বলেন, শেখ হাসিনার হাতেই দেশ নিরাপদ। তাঁর নেতৃত্বে বাংলাদেশ উন্নয়নের মহাসড়কে এগিয়ে যাচ্ছে। বিএনপির অপপ্রচারে বিভ্রান্ত না হওয়ার আহ্বান জানান তিনি।

মন্ত্রী বলেন, বিএনপি নির্বাচনে আসবে কি না সেটা তাদের বিষয়। তবে নির্বাচন কারও জন্য থেমে থাকবে না। জনগণ ভোট দিয়ে তাদের প্রতিনিধি নির্বাচন করবে।

আওয়ামী লীগ শান্তিপূর্ণ কর্মসূচিতে বিশ্বাস করে উল্লেখ করে তিনি বলেন, আমরা রাজপথে থাকব। কোনো অপশক্তিকে দেশের শান্তি বিনষ্ট করতে দেওয়া হবে না।

তৃতীয়বারের মতো পেছাল
(প্রথম পাতার পর)

তারিখ পেছানোর প্রসঙ্গে আদালতের কর্মকর্তারা জানান, তদন্ত প্রতিবেদন জমা না পড়ায় এই তারিখ পেছানো হয়েছে। আদালত পরবর্তী শুনানির তারিখ নির্ধারণ করেছেন।

এর আগে দুই দফা তারিখ নির্ধারণ করা হলেও তদন্তকারী কর্মকর্তা প্রতিবেদন জমা দিতে পারেননি। আদালত এবার দ্রুত প্রতিবেদন দাখিলের নির্দেশ দিয়েছেন।

মেট্রোরেলের মতিঝিল অংশের উদ্বোধন প্রসঙ্গে তিনি বলেন, আগামী ৪ নভেম্বর এই অংশ চালু হবে। এরপর উত্তরা থেকে মতিঝিল পর্যন্ত সরাসরি যাতায়াত করা যাবে।

প্রকল্প কর্মকর্তারা জানান, মতিঝিল পর্যন্ত মেট্রোরেল চালু হলে প্রতিদিন কয়েক লাখ যাত্রী যাতায়াত করতে পারবেন। এতে রাজধানীর যানজট অনেকটা কমবে।

তারা আরও বলেন, আগারগাঁও থেকে মতিঝিল পর্যন্ত অংশে ৭টি স্টেশন রয়েছে। এর মধ্যে প্রথম পর্যায়ে কয়েকটি স্টেশন চালু করা হবে।

প্রধানমন্ত্রী শেখ হাসিনা এই অংশের উদ্বোধন করবেন। উদ্বোধন অনুষ্ঠানকে ঘিরে ব্যাপক প্রস্তুতি নেওয়া হচ্ছে।

সর্বশেষ তথ্য অনুযায়ী, মেট্রোরেলে এখন প্রতিদিন গড়ে দুই লাখের বেশি যাত্রী যাতায়াত করছেন।

তারিখ পেছানোর প্রসঙ্গে আদালতের কর্মকর্তারা জানান, তদন্ত প্রতিবেদন জমা না পড়ায় এই তারিখ পেছানো হয়েছে। আদালত পরবর্তী শুনানির তারিখ নির্ধারণ করেছেন।

এর আগে দুই দফা তারিখ নির্ধারণ করা হলেও তদন্তকারী কর্মকর্তা প্রতিবেদন জমা দিতে পারেননি। আদালত এবার দ্রুত প্রতিবেদন দাখিলের নির্দেশ দিয়েছেন।

বিশ্বব্যাপী বিক্ষোভ
(প্রথম পাতার পর)

রাজধানীতে বিক্ষোভকারীরা ইসরায়েলবিরোধী স্লোগান দেন। তারা অবিলম্বে যুদ্ধবিরতি ও গাজায় মানবিক সহায়তা পৌঁছানোর দাবি জানান। বিক্ষোভে হাজার হাজার মানুষ অংশ নেন।

লন্ডন, প্যারিস, বার্লিন, ইস্তাম্বুল, আম্মান, বাগদাদসহ বিশ্বের বিভিন্ন শহরে ফিলিস্তিনিদের সমর্থনে বিক্ষোভ হয়েছে। বিক্ষোভকারীরা ফিলিস্তিনের পতাকা হাতে মিছিল করেন।

ফিলিস্তিনিদের নিহত ও আহত বাড়ছেই : গাজার স্বাস্থ্য মন্ত্রণালয় জানিয়েছে, ইসরায়েলি হামলায় এখন পর্যন্ত চার হাজারের বেশি ফিলিস্তিনি নিহত হয়েছেন। এর মধ্যে এক হাজারের বেশি শিশু।

জাতিসংঘ জানিয়েছে, গাজায় মানবিক পরিস্থিতি ভয়াবহ রূপ নিয়েছে। পানি, খাবার, ওষুধ ও জ্বালানির তীব্র সংকট দেখা দিয়েছে। হাসপাতালগুলো বন্ধ হওয়ার উপক্রম।

রাফাহ সীমান্ত দিয়ে ত্রাণবাহী ট্রাক প্রবেশের অনুমতি দেওয়া হয়েছে। তবে প্রয়োজনের তুলনায় তা খুবই সামান্য বলে জানিয়েছে ত্রাণ সংস্থাগুলো।

রাজধানীতে বিক্ষোভকারীরা ইসরায়েলবিরোধী স্লোগান দেন। তারা অবিলম্বে যুদ্ধবিরতি ও গাজায় মানবিক সহায়তা পৌঁছানোর দাবি জানান। বিক্ষোভে হাজার হাজার মানুষ অংশ নেন।

লন্ডন, প্যারিস, বার্লিন, ইস্তাম্বুল, আম্মান, বাগদাদসহ বিশ্বের বিভিন্ন শহরে ফিলিস্তিনিদের সমর্থনে বিক্ষোভ হয়েছে। বিক্ষোভকারীরা ফিলিস্তিনের পতাকা হাতে মিছিল করেন।

জাতিসংঘ জানিয়েছে, গাজায় মানবিক পরিস্থিতি ভয়াবহ রূপ নিয়েছে। পানি, খাবার, ওষুধ ও জ্বালানির তীব্র সংকট দেখা দিয়েছে। হাসপাতালগুলো বন্ধ হওয়ার উপক্রম।

রাফাহ সীমান্ত দিয়ে ত্রাণবাহী ট্রাক প্রবেশের অনুমতি দেওয়া হয়েছে। তবে প্রয়োজনের তুলনায় তা খুবই সামান্য বলে জানিয়েছে ত্রাণ সংস্থাগুলো।

আল জাজিরা হামলা : কাতারভিত্তিক সংবাদমাধ্যম আল জাজিরা জানিয়েছে, গাজায় তাদের এক সাংবাদিকের পরিবারের সদস্যরা ইসরায়েলি হামলায় নিহত হয়েছেন।

আরব লীগ ও ইসলামি সহযোগিতা সংস্থা ইসরায়েলি হামলার তীব্র নিন্দা জানিয়েছে। তারা আন্তর্জাতিক সম্প্রদায়কে দ্রুত হস্তক্ষেপের আহ্বান জানিয়েছে।

যুক্তরাষ্ট্রের প্রেসিডেন্ট জো বাইডেন ইসরায়েল সফর করে দেশটির প্রতি সমর্থন জানিয়েছেন। তবে তিনি গাজায় মানবিক সহায়তা পৌঁছানোর ওপরও জোর দেন।

বিশ্লেষকরা বলছেন, এই সংঘাত দ্রুত বন্ধ না হলে তা পুরো মধ্যপ্রাচ্যে ছড়িয়ে পড়তে পারে।

আল জাজিরা হামলা : কাতারভিত্তিক সংবাদমাধ্যম আল জাজিরা জানিয়েছে, গাজায় তাদের এক সাংবাদিকের পরিবারের সদস্যরা ইসরায়েলি হামলায় নিহত হয়েছেন।

আরব লীগ ও ইসলামি সহযোগিতা সংস্থা ইসরায়েলি হামলার তীব্র নিন্দা জানিয়েছে। তারা আন্তর্জাতিক সম্প্রদায়কে দ্রুত হস্তক্ষেপের আহ্বান জানিয়েছে।

যুক্তরাষ্ট্রের প্রেসিডেন্ট জো বাইডেন ইসরায়েল সফর করে দেশটির প্রতি সমর্থন জানিয়েছেন। তবে তিনি গাজায় মানবিক সহায়তা পৌঁছানোর ওপরও জোর দেন।

বিশ্লেষকরা বলছেন, এই সংঘাত দ্রুত বন্ধ না হলে তা পুরো মধ্যপ্রাচ্যে ছড়িয়ে পড়তে পারে।

আরব লীগ ও ইসলামি সহযোগিতা সংস্থা ইসরায়েলি হামলার তীব্র নিন্দা জানিয়েছে। তারা আন্তর্জাতিক সম্প্রদায়কে দ্রুত হস্তক্ষেপের আহ্বান জানিয়েছে।
